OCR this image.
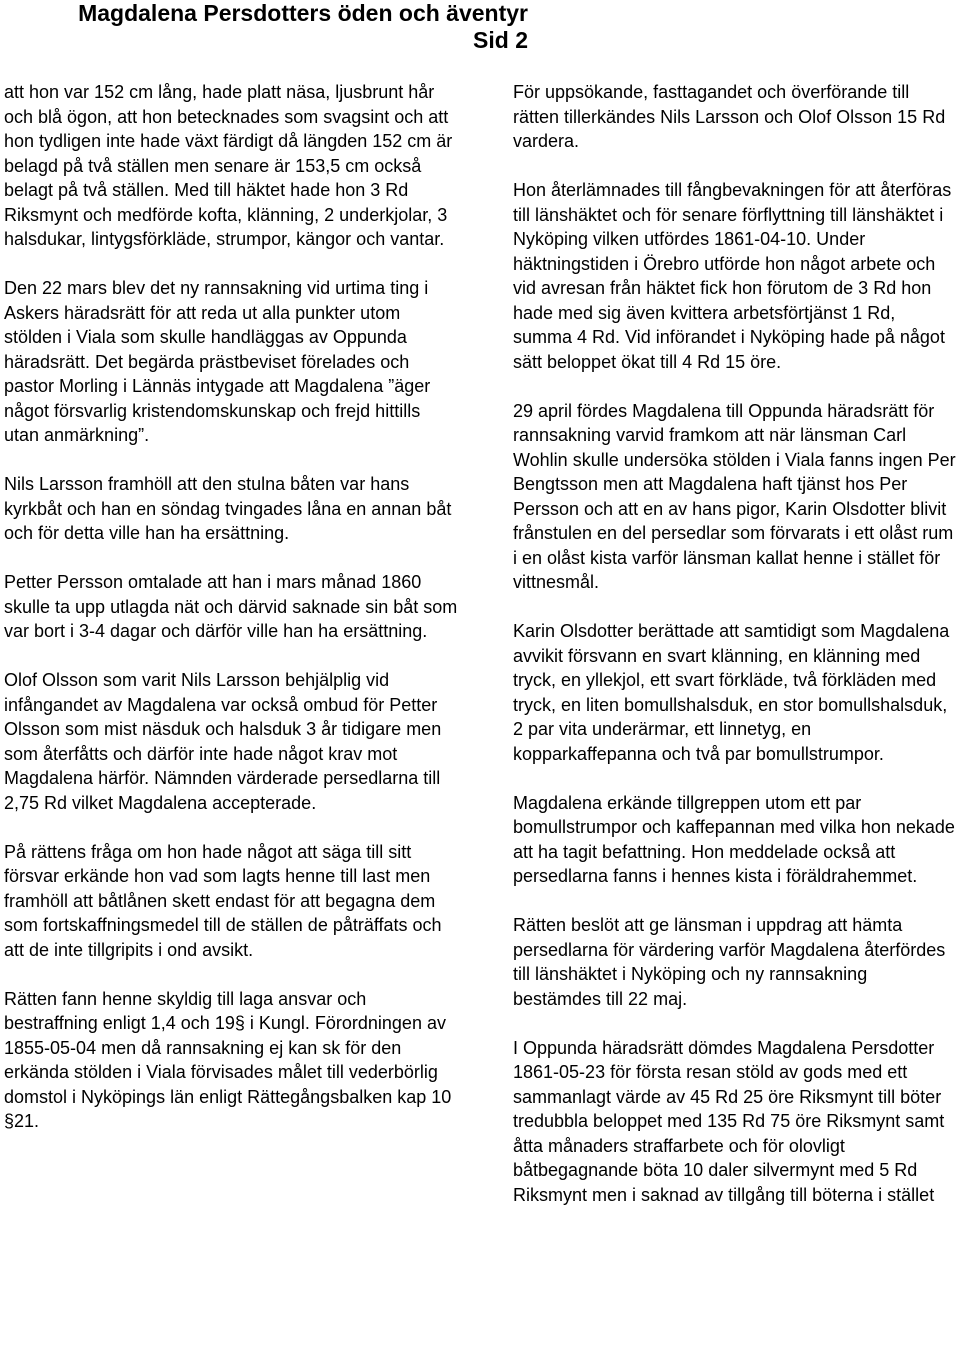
Magdalena Persdotters öden och äventyr
Sid 2

att hon var 152 cm lång, hade platt näsa, ljusbrunt hår och blå ögon, att hon betecknades som svagsint och att hon tydligen inte hade växt färdigt då längden 152 cm är belagd på två ställen men senare är 153,5 cm också belagt på två ställen. Med till häktet hade hon 3 Rd Riksmynt och medförde kofta, klänning, 2 underkjolar, 3 halsdukar, lintygsförkläde, strumpor, kängor och vantar.

Den 22 mars blev det ny rannsakning vid urtima ting i Askers häradsrätt för att reda ut alla punkter utom stölden i Viala som skulle handläggas av Oppunda häradsrätt. Det begärda prästbeviset förelades och pastor Morling i Lännäs intygade att Magdalena ”äger något försvarlig kristendomskunskap och frejd hittills utan anmärkning”.

Nils Larsson framhöll att den stulna båten var hans kyrkbåt och han en söndag tvingades låna en annan båt och för detta ville han ha ersättning.

Petter Persson omtalade att han i mars månad 1860 skulle ta upp utlagda nät och därvid saknade sin båt som var bort i 3-4 dagar och därför ville han ha ersättning.

Olof Olsson som varit Nils Larsson behjälplig vid infångandet av Magdalena var också ombud för Petter Olsson som mist näsduk och halsduk 3 år tidigare men som återfåtts och därför inte hade något krav mot Magdalena härför. Nämnden värderade persedlarna till 2,75 Rd vilket Magdalena accepterade.

På rättens fråga om hon hade något att säga till sitt försvar erkände hon vad som lagts henne till last men framhöll att båtlånen skett endast för att begagna dem som fortskaffningsmedel till de ställen de påträffats och att de inte tillgripits i ond avsikt.

Rätten fann henne skyldig till laga ansvar och bestraffning enligt 1,4 och 19§ i Kungl. Förordningen av 1855-05-04 men då rannsakning ej kan sk för den erkända stölden i Viala förvisades målet till vederbörlig domstol i Nyköpings län enligt Rättegångsbalken kap 10 §21.

För uppsökande, fasttagandet och överförande till rätten tillerkändes Nils Larsson och Olof Olsson 15 Rd vardera.

Hon återlämnades till fångbevakningen för att återföras till länshäktet och för senare förflyttning till länshäktet i Nyköping vilken utfördes 1861-04-10. Under häktningstiden i Örebro utförde hon något arbete och vid avresan från häktet fick hon förutom de 3 Rd hon hade med sig även kvittera arbetsförtjänst 1 Rd, summa 4 Rd. Vid införandet i Nyköping hade på något sätt beloppet ökat till 4 Rd 15 öre.

29 april fördes Magdalena till Oppunda häradsrätt för rannsakning varvid framkom att när länsman Carl Wohlin skulle undersöka stölden i Viala fanns ingen Per Bengtsson men att Magdalena haft tjänst hos Per Persson och att en av hans pigor, Karin Olsdotter blivit frånstulen en del persedlar som förvarats i ett olåst rum i en olåst kista varför länsman kallat henne i stället för vittnesmål.

Karin Olsdotter berättade att samtidigt som Magdalena avvikit försvann en svart klänning, en klänning med tryck, en yllekjol, ett svart förkläde, två förkläden med tryck, en liten bomullshalsduk, en stor bomullshalsduk, 2 par vita underärmar, ett linnetyg, en kopparkaffepanna och två par bomullstrumpor.

Magdalena erkände tillgreppen utom ett par bomullstrumpor och kaffepannan med vilka hon nekade att ha tagit befattning. Hon meddelade också att persedlarna fanns i hennes kista i föräldrahemmet.

Rätten beslöt att ge länsman i uppdrag att hämta persedlarna för värdering varför Magdalena återfördes till länshäktet i Nyköping och ny rannsakning bestämdes till 22 maj.

I Oppunda häradsrätt dömdes Magdalena Persdotter 1861-05-23 för första resan stöld av gods med ett sammanlagt värde av 45 Rd 25 öre Riksmynt till böter tredubbla beloppet med 135 Rd 75 öre Riksmynt samt åtta månaders straffarbete och för olovligt båtbegagnande böta 10 daler silvermynt med 5 Rd Riksmynt men i saknad av tillgång till böterna i stället
